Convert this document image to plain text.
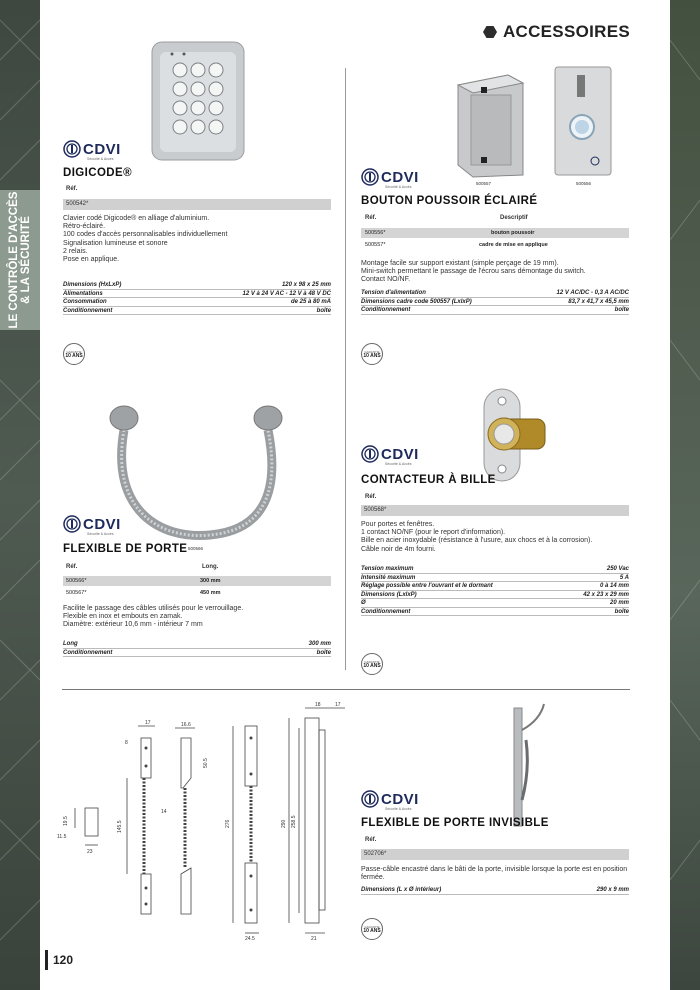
LE CONTRÔLE D'ACCÈS & LA SÉCURITÉ
ACCESSOIRES
CDVI
Sécurité & Accès
DIGICODE®
Réf.
500542*
Clavier codé Digicode® en alliage d'aluminium.
Rétro-éclairé.
100 codes d'accès personnalisables individuellement
Signalisation lumineuse et sonore
2 relais.
Pose en applique.
Dimensions (HxLxP)	120 x 98 x 25 mm
Alimentations	12 V à 24 V AC - 12 V à 48 V DC
Consommation	de 25 à 80 mA
Conditionnement	boîte
GARANTIE
10 ANS
500557	500556
CDVI
Sécurité & Accès
BOUTON POUSSOIR ÉCLAIRÉ
Réf.	Descriptif
500556*	bouton poussoir
500557*	cadre de mise en applique
Montage facile sur support existant (simple perçage de 19 mm).
Mini-switch permettant le passage de l'écrou sans démontage du switch.
Contact NO/NF.
Tension d'alimentation	12 V AC/DC - 0,3 A AC/DC
Dimensions cadre code 500557 (LxlxP)	83,7 x 41,7 x 45,5 mm
Conditionnement	boîte
GARANTIE
10 ANS
CDVI
Sécurité & Accès
500566
FLEXIBLE DE PORTE
Réf.	Long.
500566*	300 mm
500567*	450 mm
Facilite le passage des câbles utilisés pour le verrouillage.
Flexible en inox et embouts en zamak.
Diamètre: extérieur 10,6 mm - intérieur 7 mm
Long	300 mm
Conditionnement	boîte
CDVI
Sécurité & Accès
CONTACTEUR À BILLE
Réf.
500568*
Pour portes et fenêtres.
1 contact NO/NF (pour le report d'information).
Bille en acier inoxydable (résistance à l'usure, aux chocs et à la corrosion).
Câble noir de 4m fourni.
Tension maximum	250 Vac
Intensité maximum	5 A
Réglage possible entre l'ouvrant et le dormant	0 à 14 mm
Dimensions (LxlxP)	42 x 23 x 29 mm
Ø	20 mm
Conditionnement	boîte
GARANTIE
10 ANS
19.5
11.5
23
17
8
145.5
14
16.6
50.5
276
24.5
290 258.5
18	17
21
CDVI
Sécurité & Accès
FLEXIBLE DE PORTE INVISIBLE
Réf.
502706*
Passe-câble encastré dans le bâti de la porte, invisible lorsque la porte est en position
fermée.
Dimensions (L x Ø intérieur)	290 x 9 mm
GARANTIE
10 ANS
120
